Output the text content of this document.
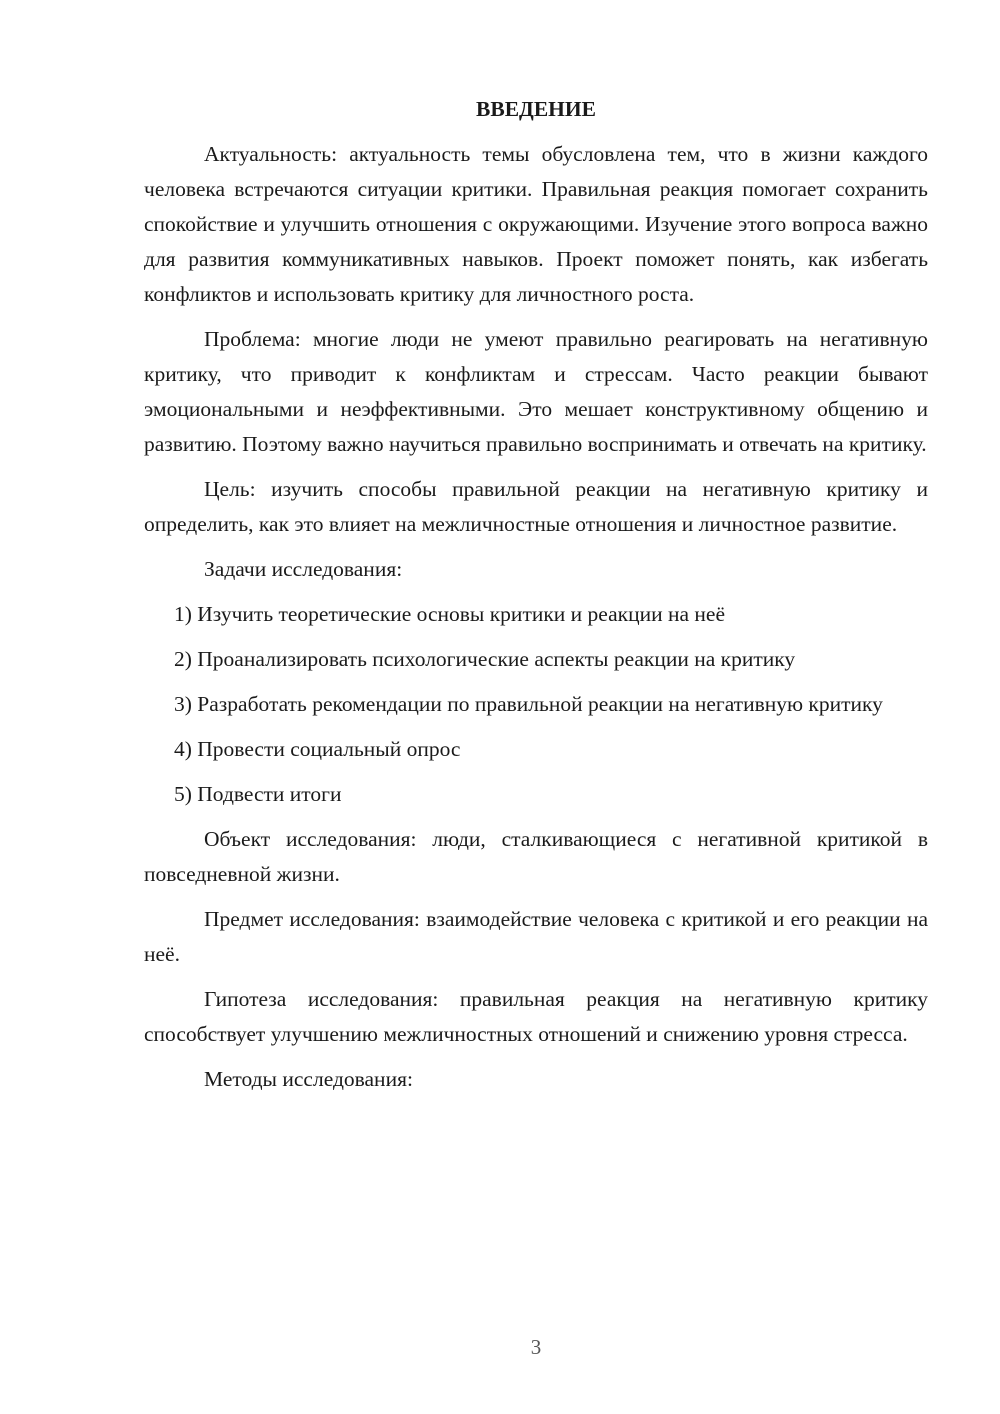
ВВЕДЕНИЕ

Актуальность: актуальность темы обусловлена тем, что в жизни каждого человека встречаются ситуации критики. Правильная реакция помогает сохранить спокойствие и улучшить отношения с окружающими. Изучение этого вопроса важно для развития коммуникативных навыков. Проект поможет понять, как избегать конфликтов и использовать критику для личностного роста.

Проблема: многие люди не умеют правильно реагировать на негативную критику, что приводит к конфликтам и стрессам. Часто реакции бывают эмоциональными и неэффективными. Это мешает конструктивному общению и развитию. Поэтому важно научиться правильно воспринимать и отвечать на критику.

Цель: изучить способы правильной реакции на негативную критику и определить, как это влияет на межличностные отношения и личностное развитие.

Задачи исследования:

1) Изучить теоретические основы критики и реакции на неё

2) Проанализировать психологические аспекты реакции на критику

3) Разработать рекомендации по правильной реакции на негативную критику

4) Провести социальный опрос

5) Подвести итоги

Объект исследования: люди, сталкивающиеся с негативной критикой в повседневной жизни.

Предмет исследования: взаимодействие человека с критикой и его реакции на неё.

Гипотеза исследования: правильная реакция на негативную критику способствует улучшению межличностных отношений и снижению уровня стресса.

Методы исследования:

3
